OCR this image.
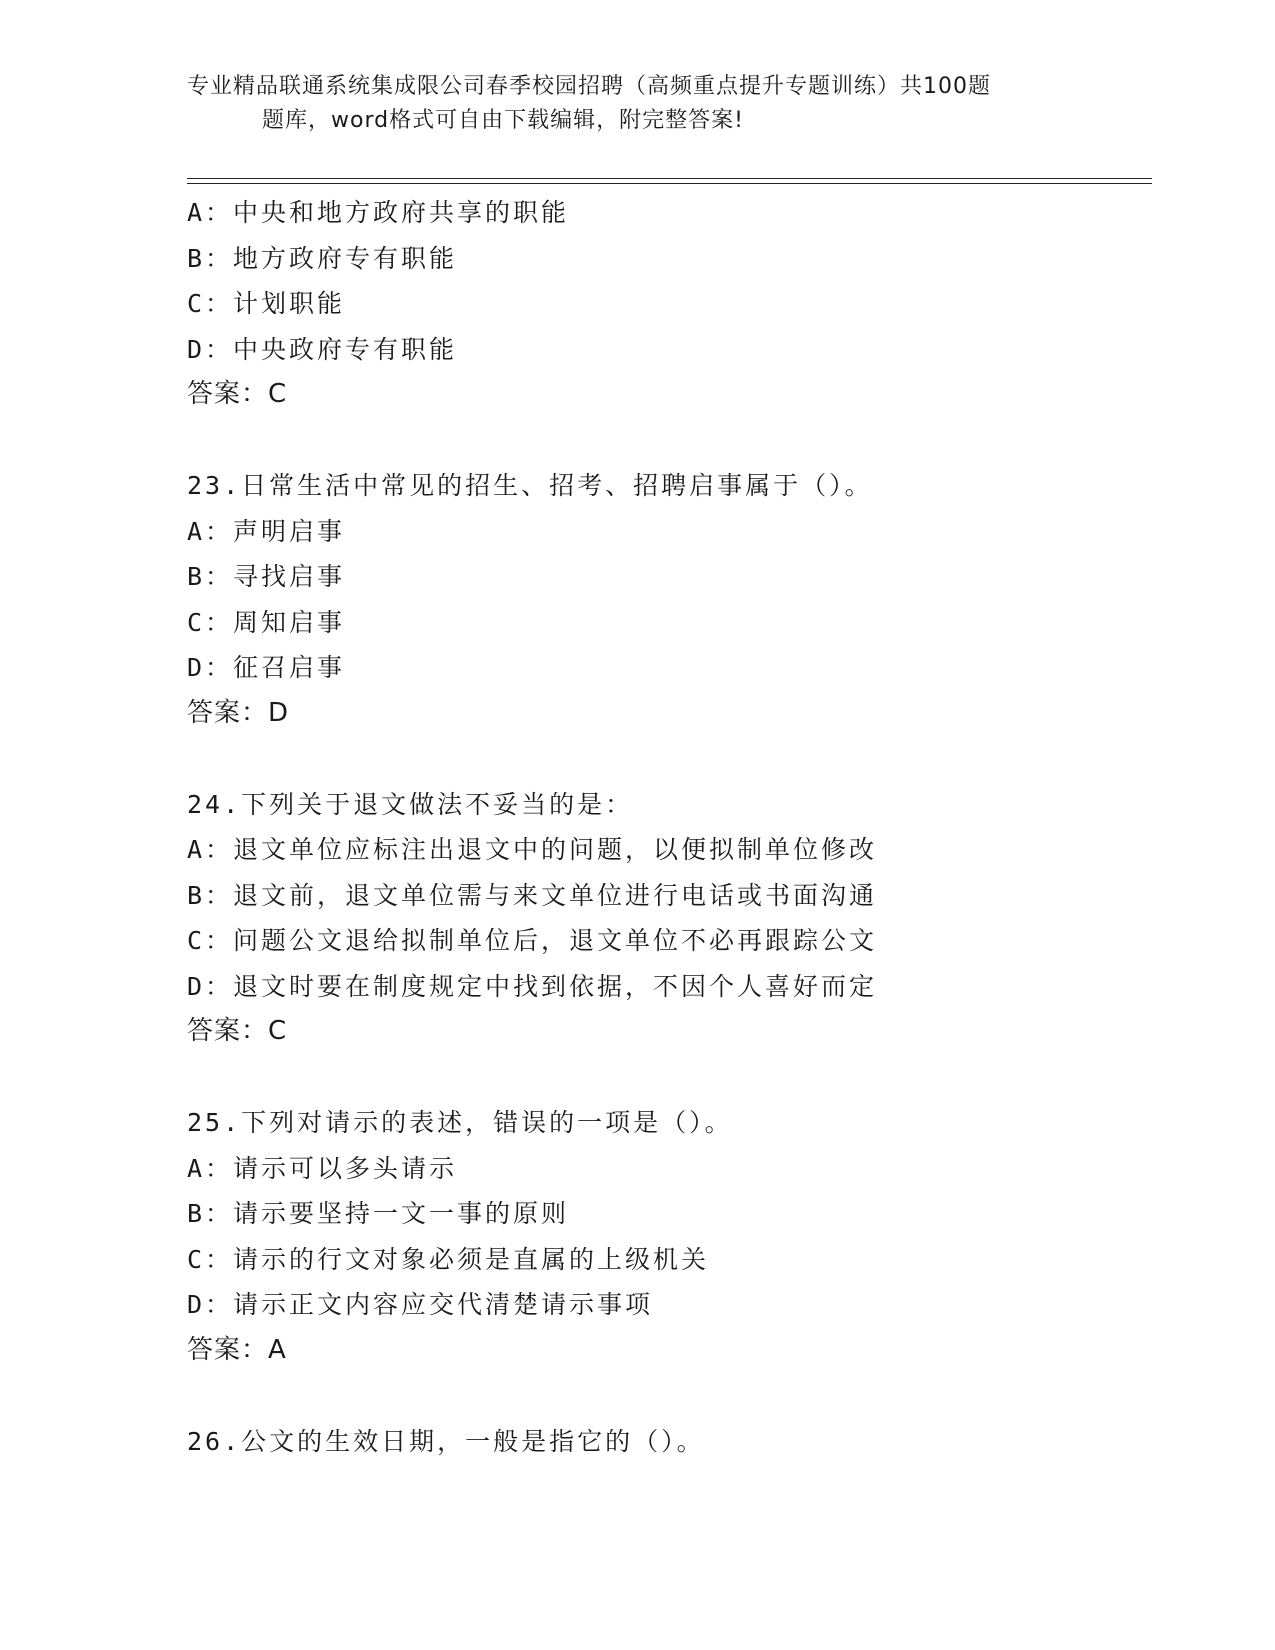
专业精品联通系统集成限公司春季校园招聘（高频重点提升专题训练）共100题
题库，word格式可自由下载编辑，附完整答案!
A：中央和地方政府共享的职能
B：地方政府专有职能
C：计划职能
D：中央政府专有职能
答案：C
23.日常生活中常见的招生、招考、招聘启事属于（）。
A：声明启事
B：寻找启事
C：周知启事
D：征召启事
答案：D
24.下列关于退文做法不妥当的是：
A：退文单位应标注出退文中的问题，以便拟制单位修改
B：退文前，退文单位需与来文单位进行电话或书面沟通
C：问题公文退给拟制单位后，退文单位不必再跟踪公文
D：退文时要在制度规定中找到依据，不因个人喜好而定
答案：C
25.下列对请示的表述，错误的一项是（）。
A：请示可以多头请示
B：请示要坚持一文一事的原则
C：请示的行文对象必须是直属的上级机关
D：请示正文内容应交代清楚请示事项
答案：A
26.公文的生效日期，一般是指它的（）。
